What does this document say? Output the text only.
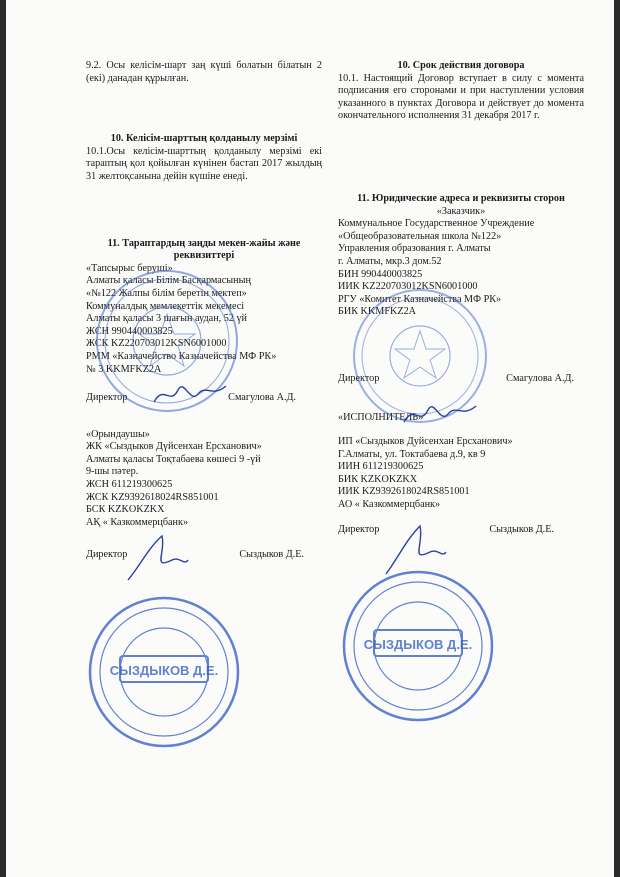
9.2. Осы келісім-шарт заң күші болатын бiлатын 2 (екі) данадан құрылған.

10. Келісім-шарттың қолданылу мерзімі

10.1.Осы келісім-шарттың қолданылу мерзімі екі тараптың қол қойылған күнінен бастап 2017 жылдың 31 желтоқсанына дейін күшіне енеді.

11. Тараптардың заңды мекен-жайы және реквизиттері

«Тапсырыс беруші»

Алматы қаласы Білім Басқармасының

«№122 Жалпы білім беретін мектеп»

Коммуналдық мемлекеттік мекемесі

Алматы қаласы 3 шағын аудан, 52 үй

ЖСН 990440003825

ЖСК KZ220703012KSN6001000

РММ «Казначейство Казначейства МФ РК»

№ 3 KKMFKZ2A

Директор	Смагулова А.Д.

«Орындаушы»

ЖК «Сыздыков Дүйсенхан Ерсханович»

Алматы қаласы Тоқтабаева көшесі 9 -үй

9-шы пәтер.

ЖСН 611219300625

ЖСК KZ9392618024RS851001

БСК KZKOKZKX

АҚ « Казкоммерцбанк»

Директор	Сыздыков Д.Е.

10. Срок действия договора

10.1. Настоящий Договор вступает в силу с момента подписания его сторонами и при наступлении условия указанного в пунктах Договора и действует до момента окончательного исполнения 31 декабря 2017 г.

11. Юридические адреса и реквизиты сторон

«Заказчик»

Коммунальное Государственное Учреждение

«Общеобразовательная школа №122»

Управления образования г. Алматы

г. Алматы, мкр.3 дом.52

БИН 990440003825

ИИК KZ220703012KSN6001000

РГУ «Комитет Казначейства МФ РК»

БИК KKMFKZ2A

Директор	Смагулова А.Д.

«ИСПОЛНИТЕЛЬ»

ИП «Сыздыков Дуйсенхан Ерсханович»

Г.Алматы, ул. Токтабаева д.9, кв 9

ИИН 611219300625

БИК KZKOKZKX

ИИК KZ9392618024RS851001

АО « Казкоммерцбанк»

Директор	Сыздыков Д.Е.

СЫЗДЫКОВ Д.Е.
СЫЗДЫКОВ Д.Е.
